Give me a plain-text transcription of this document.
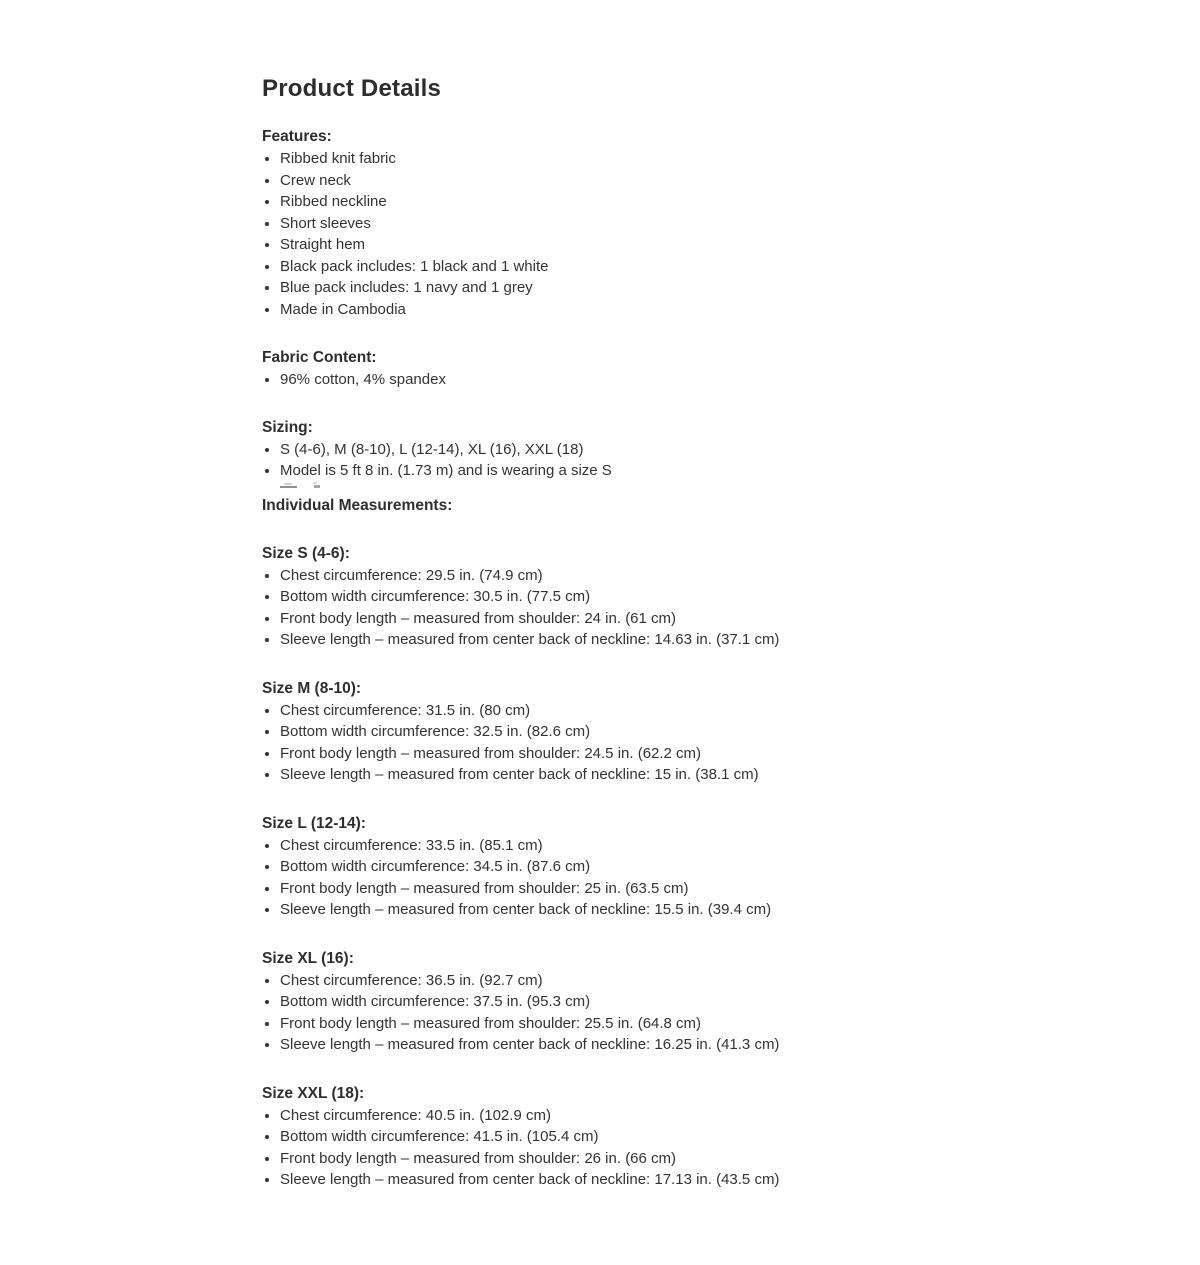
Product Details
Features:
• Ribbed knit fabric
• Crew neck
• Ribbed neckline
• Short sleeves
• Straight hem
• Black pack includes: 1 black and 1 white
• Blue pack includes: 1 navy and 1 grey
• Made in Cambodia
Fabric Content:
• 96% cotton, 4% spandex
Sizing:
• S (4-6), M (8-10), L (12-14), XL (16), XXL (18)
• Model is 5 ft 8 in. (1.73 m) and is wearing a size S
Individual Measurements:
Size S (4-6):
• Chest circumference: 29.5 in. (74.9 cm)
• Bottom width circumference: 30.5 in. (77.5 cm)
• Front body length – measured from shoulder: 24 in. (61 cm)
• Sleeve length – measured from center back of neckline: 14.63 in. (37.1 cm)
Size M (8-10):
• Chest circumference: 31.5 in. (80 cm)
• Bottom width circumference: 32.5 in. (82.6 cm)
• Front body length – measured from shoulder: 24.5 in. (62.2 cm)
• Sleeve length – measured from center back of neckline: 15 in. (38.1 cm)
Size L (12-14):
• Chest circumference: 33.5 in. (85.1 cm)
• Bottom width circumference: 34.5 in. (87.6 cm)
• Front body length – measured from shoulder: 25 in. (63.5 cm)
• Sleeve length – measured from center back of neckline: 15.5 in. (39.4 cm)
Size XL (16):
• Chest circumference: 36.5 in. (92.7 cm)
• Bottom width circumference: 37.5 in. (95.3 cm)
• Front body length – measured from shoulder: 25.5 in. (64.8 cm)
• Sleeve length – measured from center back of neckline: 16.25 in. (41.3 cm)
Size XXL (18):
• Chest circumference: 40.5 in. (102.9 cm)
• Bottom width circumference: 41.5 in. (105.4 cm)
• Front body length – measured from shoulder: 26 in. (66 cm)
• Sleeve length – measured from center back of neckline: 17.13 in. (43.5 cm)
